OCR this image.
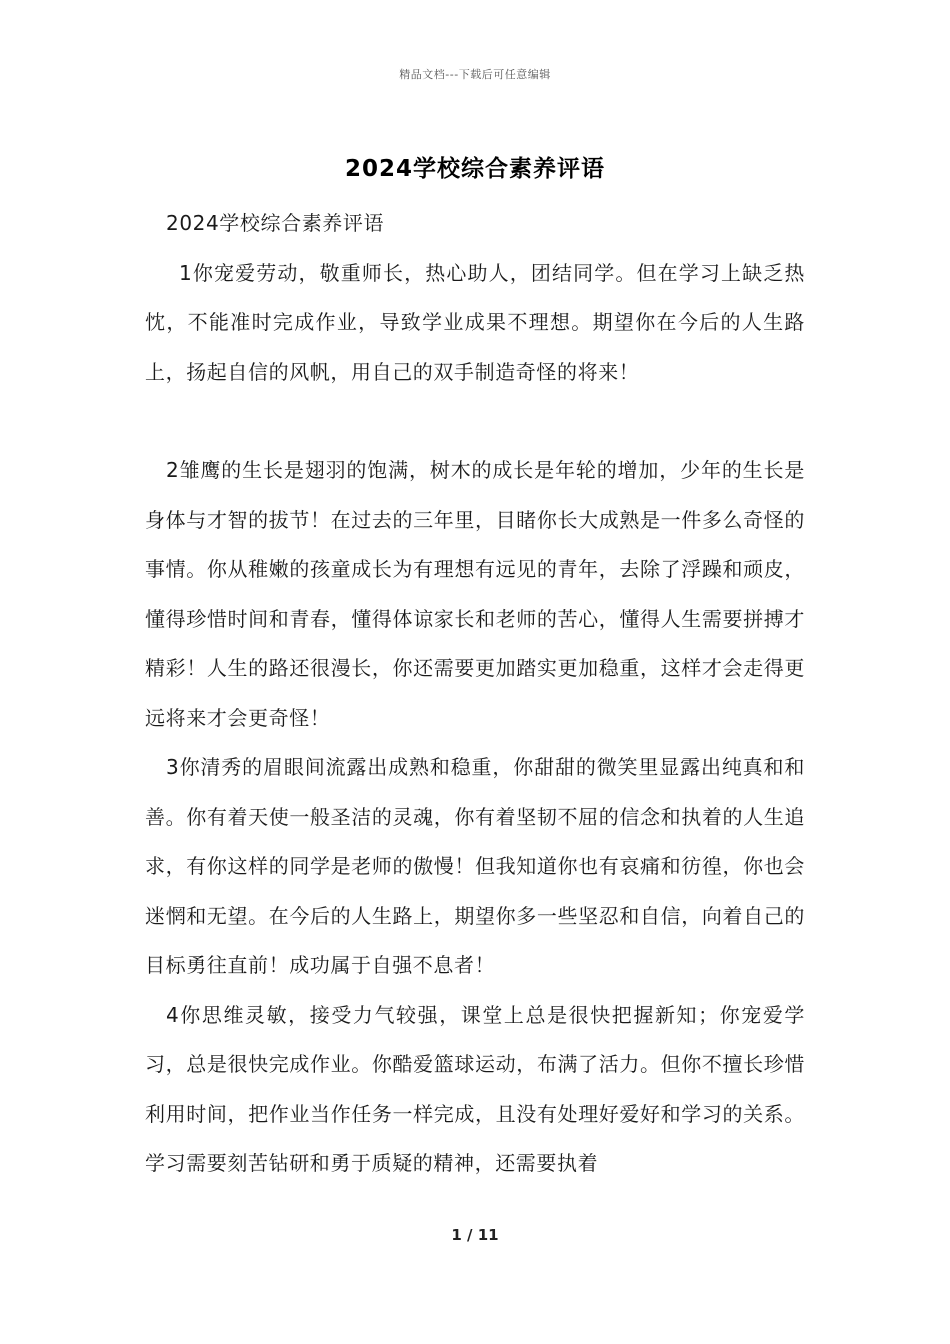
精品文档---下载后可任意编辑
2024学校综合素养评语

2024学校综合素养评语

1你宠爱劳动，敬重师长，热心助人，团结同学。但在学习上缺乏热忱，不能准时完成作业，导致学业成果不理想。期望你在今后的人生路上，扬起自信的风帆，用自己的双手制造奇怪的将来！

2雏鹰的生长是翅羽的饱满，树木的成长是年轮的增加，少年的生长是身体与才智的拔节！在过去的三年里，目睹你长大成熟是一件多么奇怪的事情。你从稚嫩的孩童成长为有理想有远见的青年，去除了浮躁和顽皮，懂得珍惜时间和青春，懂得体谅家长和老师的苦心，懂得人生需要拼搏才精彩！人生的路还很漫长，你还需要更加踏实更加稳重，这样才会走得更远将来才会更奇怪！

3你清秀的眉眼间流露出成熟和稳重，你甜甜的微笑里显露出纯真和和善。你有着天使一般圣洁的灵魂，你有着坚韧不屈的信念和执着的人生追求，有你这样的同学是老师的傲慢！但我知道你也有哀痛和彷徨，你也会迷惘和无望。在今后的人生路上，期望你多一些坚忍和自信，向着自己的目标勇往直前！成功属于自强不息者！

4你思维灵敏，接受力气较强，课堂上总是很快把握新知；你宠爱学习，总是很快完成作业。你酷爱篮球运动，布满了活力。但你不擅长珍惜利用时间，把作业当作任务一样完成，且没有处理好爱好和学习的关系。学习需要刻苦钻研和勇于质疑的精神，还需要执着

1 / 11
